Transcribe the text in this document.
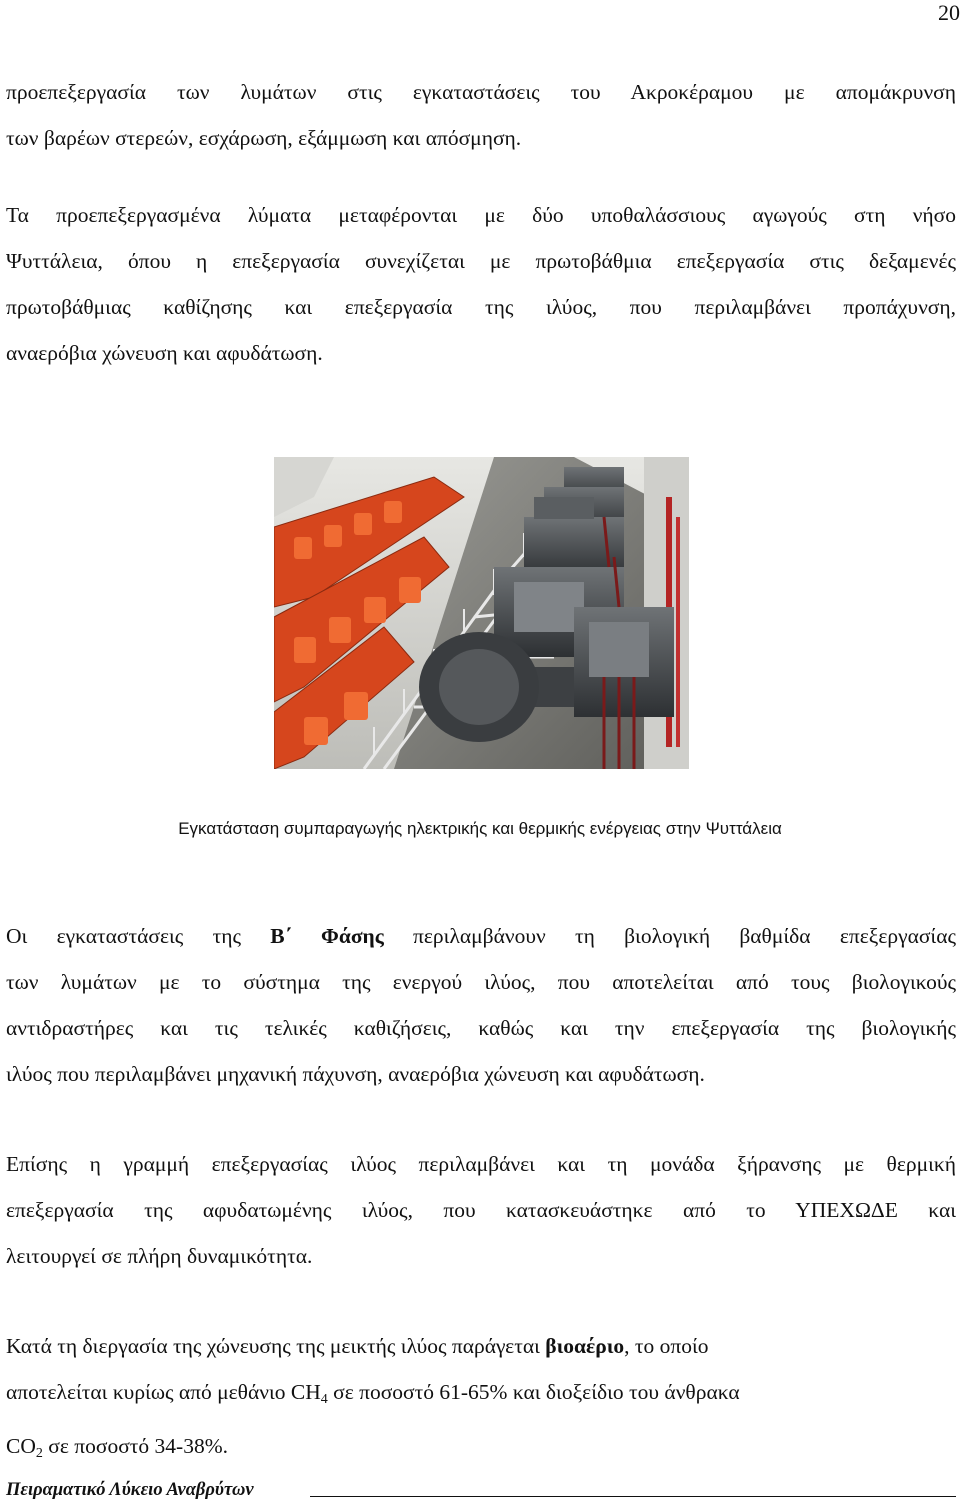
20

προεπεξεργασία των λυμάτων στις εγκαταστάσεις του Ακροκέραμου με απομάκρυνση
των βαρέων στερεών, εσχάρωση, εξάμμωση και απόσμηση.

Τα προεπεξεργασμένα λύματα μεταφέρονται με δύο υποθαλάσσιους αγωγούς στη νήσο
Ψυττάλεια, όπου η επεξεργασία συνεχίζεται με πρωτοβάθμια επεξεργασία στις δεξαμενές
πρωτοβάθμιας καθίζησης και επεξεργασία της ιλύος, που περιλαμβάνει προπάχυνση,
αναερόβια χώνευση και αφυδάτωση.

Εγκατάσταση συμπαραγωγής ηλεκτρικής και θερμικής ενέργειας στην Ψυττάλεια

Οι εγκαταστάσεις της Β΄ Φάσης περιλαμβάνουν τη βιολογική βαθμίδα επεξεργασίας
των λυμάτων με το σύστημα της ενεργού ιλύος, που αποτελείται από τους βιολογικούς
αντιδραστήρες και τις τελικές καθιζήσεις, καθώς και την επεξεργασία της βιολογικής
ιλύος που περιλαμβάνει μηχανική πάχυνση, αναερόβια χώνευση και αφυδάτωση.

Επίσης η γραμμή επεξεργασίας ιλύος περιλαμβάνει και τη μονάδα ξήρανσης με θερμική
επεξεργασία της αφυδατωμένης ιλύος, που κατασκευάστηκε από το ΥΠΕΧΩΔΕ και
λειτουργεί σε πλήρη δυναμικότητα.

Κατά τη διεργασία της χώνευσης της μεικτής ιλύος παράγεται βιοαέριο, το οποίο
αποτελείται κυρίως από μεθάνιο $CH_4$ σε ποσοστό 61-65% και διοξείδιο του άνθρακα
$CO_2$ σε ποσοστό 34-38%.

Πειραματικό Λύκειο Αναβρύτων
